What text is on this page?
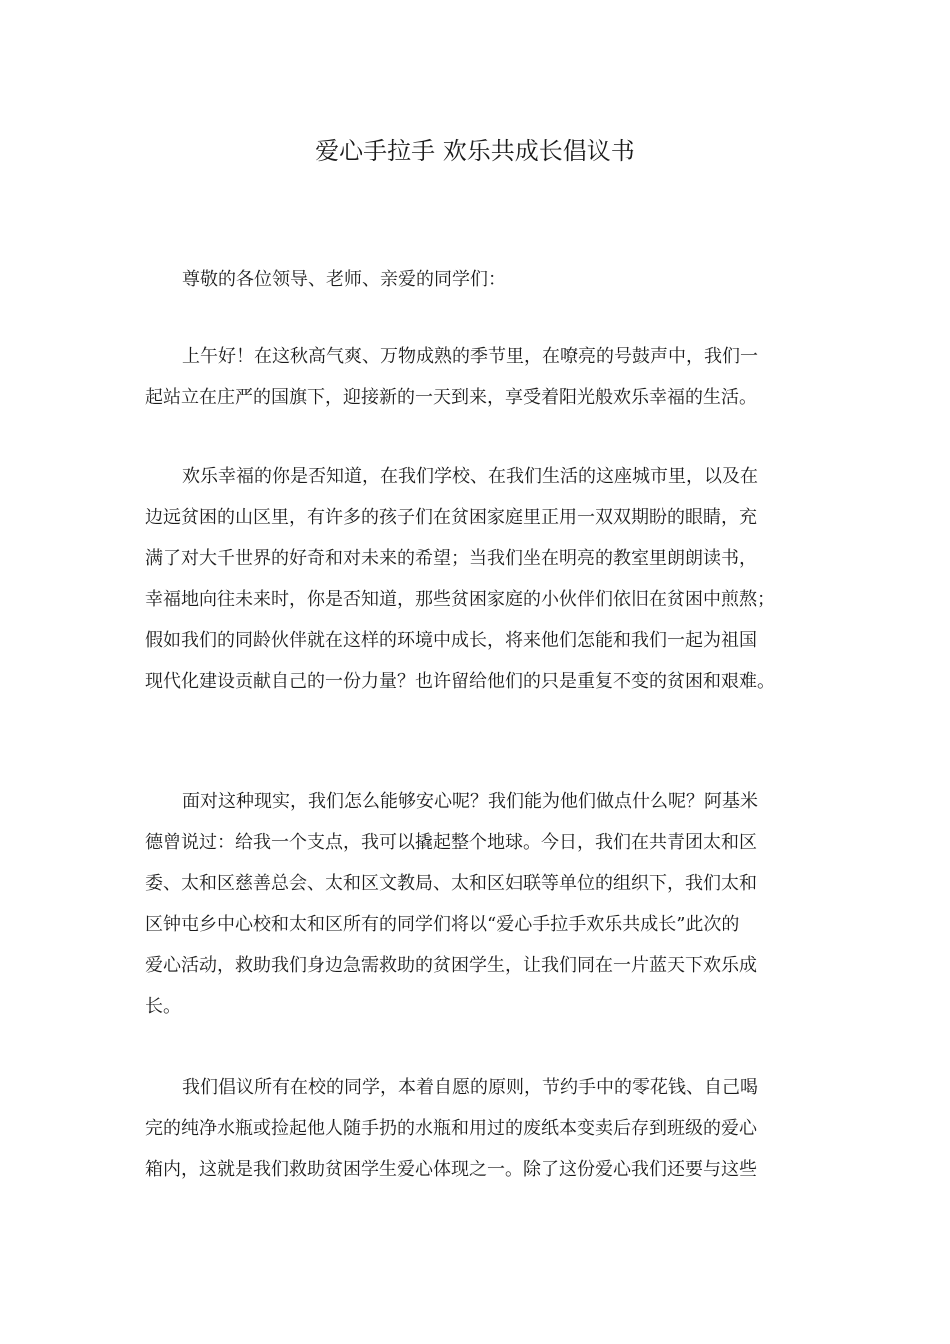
爱心手拉手 欢乐共成长倡议书
尊敬的各位领导、老师、亲爱的同学们：
上午好！在这秋高气爽、万物成熟的季节里，在嘹亮的号鼓声中，我们一
起站立在庄严的国旗下，迎接新的一天到来，享受着阳光般欢乐幸福的生活。
欢乐幸福的你是否知道，在我们学校、在我们生活的这座城市里，以及在
边远贫困的山区里，有许多的孩子们在贫困家庭里正用一双双期盼的眼睛，充
满了对大千世界的好奇和对未来的希望；当我们坐在明亮的教室里朗朗读书，
幸福地向往未来时，你是否知道，那些贫困家庭的小伙伴们依旧在贫困中煎熬；
假如我们的同龄伙伴就在这样的环境中成长，将来他们怎能和我们一起为祖国
现代化建设贡献自己的一份力量？也许留给他们的只是重复不变的贫困和艰难。
面对这种现实，我们怎么能够安心呢？我们能为他们做点什么呢？阿基米
德曾说过：给我一个支点，我可以撬起整个地球。今日，我们在共青团太和区
委、太和区慈善总会、太和区文教局、太和区妇联等单位的组织下，我们太和
区钟屯乡中心校和太和区所有的同学们将以“爱心手拉手欢乐共成长”此次的
爱心活动，救助我们身边急需救助的贫困学生，让我们同在一片蓝天下欢乐成
长。
我们倡议所有在校的同学，本着自愿的原则，节约手中的零花钱、自己喝
完的纯净水瓶或捡起他人随手扔的水瓶和用过的废纸本变卖后存到班级的爱心
箱内，这就是我们救助贫困学生爱心体现之一。除了这份爱心我们还要与这些
